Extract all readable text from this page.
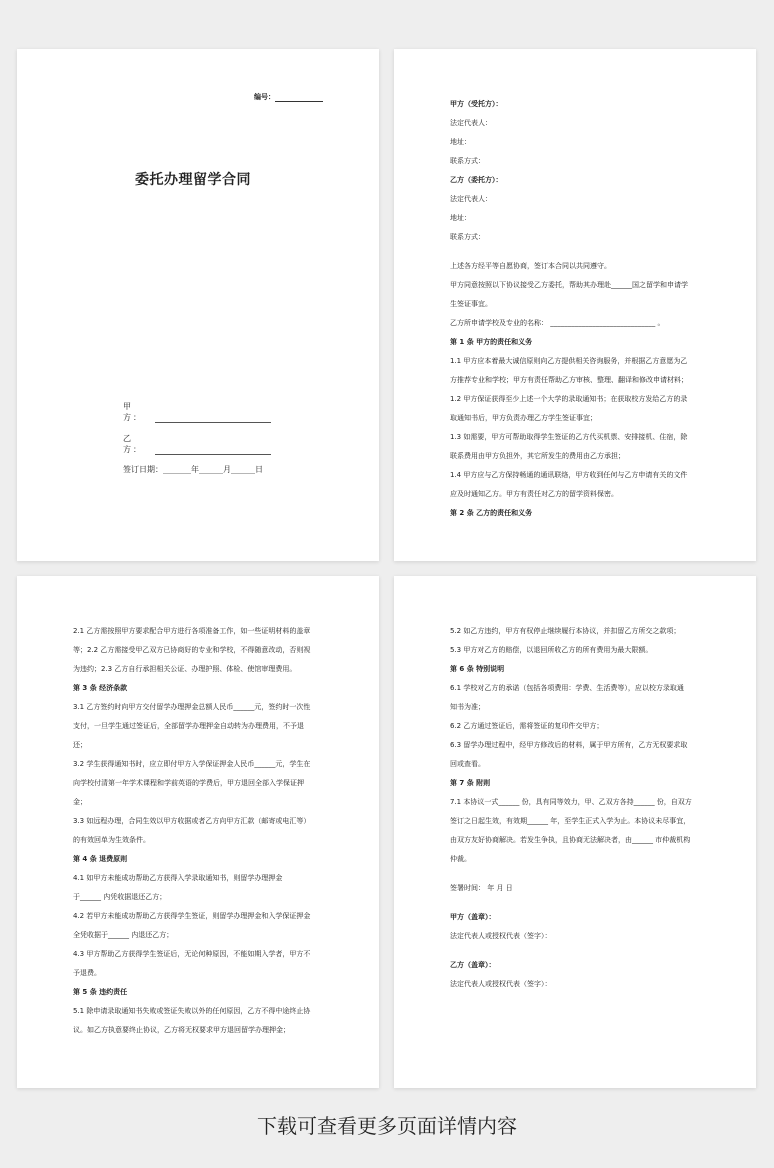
编号：
委托办理留学合同
甲 方：
乙 方：
签订日期：_______年______月______日
甲方（受托方）：
法定代表人：
地址：
联系方式：
乙方（委托方）：
法定代表人：
地址：
联系方式：
上述各方经平等自愿协商，签订本合同以共同遵守。
甲方同意按照以下协议接受乙方委托，帮助其办理赴______国之留学和申请学
生签证事宜。
乙方所申请学校及专业的名称： ______________________________ 。
第 1 条 甲方的责任和义务
1.1 甲方应本着最大诚信原则向乙方提供相关咨询服务，并根据乙方意愿为乙
方推荐专业和学校；甲方有责任帮助乙方审核、整理、翻译和修改申请材料；
1.2 甲方保证获得至少上述一个大学的录取通知书；在获取校方发给乙方的录
取通知书后，甲方负责办理乙方学生签证事宜；
1.3 如需要，甲方可帮助取得学生签证的乙方代买机票、安排接机、住宿，除
联系费用由甲方负担外，其它所发生的费用由乙方承担；
1.4 甲方应与乙方保持畅通的通讯联络，甲方收到任何与乙方申请有关的文件
应及时通知乙方。甲方有责任对乙方的留学资料保密。
第 2 条 乙方的责任和义务
2.1 乙方需按照甲方要求配合甲方进行各项准备工作，如一些证明材料的盖章
等；2.2 乙方需接受甲乙双方已协商好的专业和学校，不得随意改动，否则视
为违约；2.3 乙方自行承担相关公证、办理护照、体检、使馆审理费用。
第 3 条 经济条款
3.1 乙方签约时向甲方交付留学办理押金总额人民币______元，签约时一次性
支付，一旦学生通过签证后，全部留学办理押金自动转为办理费用，不予退
还；
3.2 学生获得通知书时，应立即付甲方入学保证押金人民币______元，学生在
向学校付清第一年学术课程和学前英语的学费后，甲方退回全部入学保证押
金；
3.3 如远程办理，合同生效以甲方收据或者乙方向甲方汇款（邮寄或电汇等）
的有效回单为生效条件。
第 4 条 退费原则
4.1 如甲方未能成功帮助乙方获得入学录取通知书，则留学办理押金
于______ 内凭收据退还乙方；
4.2 若甲方未能成功帮助乙方获得学生签证，则留学办理押金和入学保证押金
全凭收据于______ 内退还乙方；
4.3 甲方帮助乙方获得学生签证后，无论何种原因，不能如期入学者，甲方不
予退费。
第 5 条 违约责任
5.1 除申请录取通知书失败或签证失败以外的任何原因，乙方不得中途终止协
议。如乙方执意要终止协议，乙方将无权要求甲方退回留学办理押金；
5.2 如乙方违约，甲方有权停止继续履行本协议，并扣留乙方所交之款项；
5.3 甲方对乙方的赔偿，以退回所收乙方的所有费用为最大限额。
第 6 条 特别说明
6.1 学校对乙方的承诺（包括各项费用：学费、生活费等），应以校方录取通
知书为准；
6.2 乙方通过签证后，需将签证的复印件交甲方；
6.3 留学办理过程中，经甲方修改后的材料，属于甲方所有，乙方无权要求取
回或查看。
第 7 条 附则
7.1 本协议一式______ 份，具有同等效力，甲、乙双方各持______ 份，自双方
签订之日起生效，有效期______ 年，至学生正式入学为止。本协议未尽事宜，
由双方友好协商解决。若发生争执，且协商无法解决者，由______ 市仲裁机构
仲裁。
签署时间： 年 月 日
甲方（盖章）：
法定代表人或授权代表（签字）：
乙方（盖章）：
法定代表人或授权代表（签字）：
下载可查看更多页面详情内容
